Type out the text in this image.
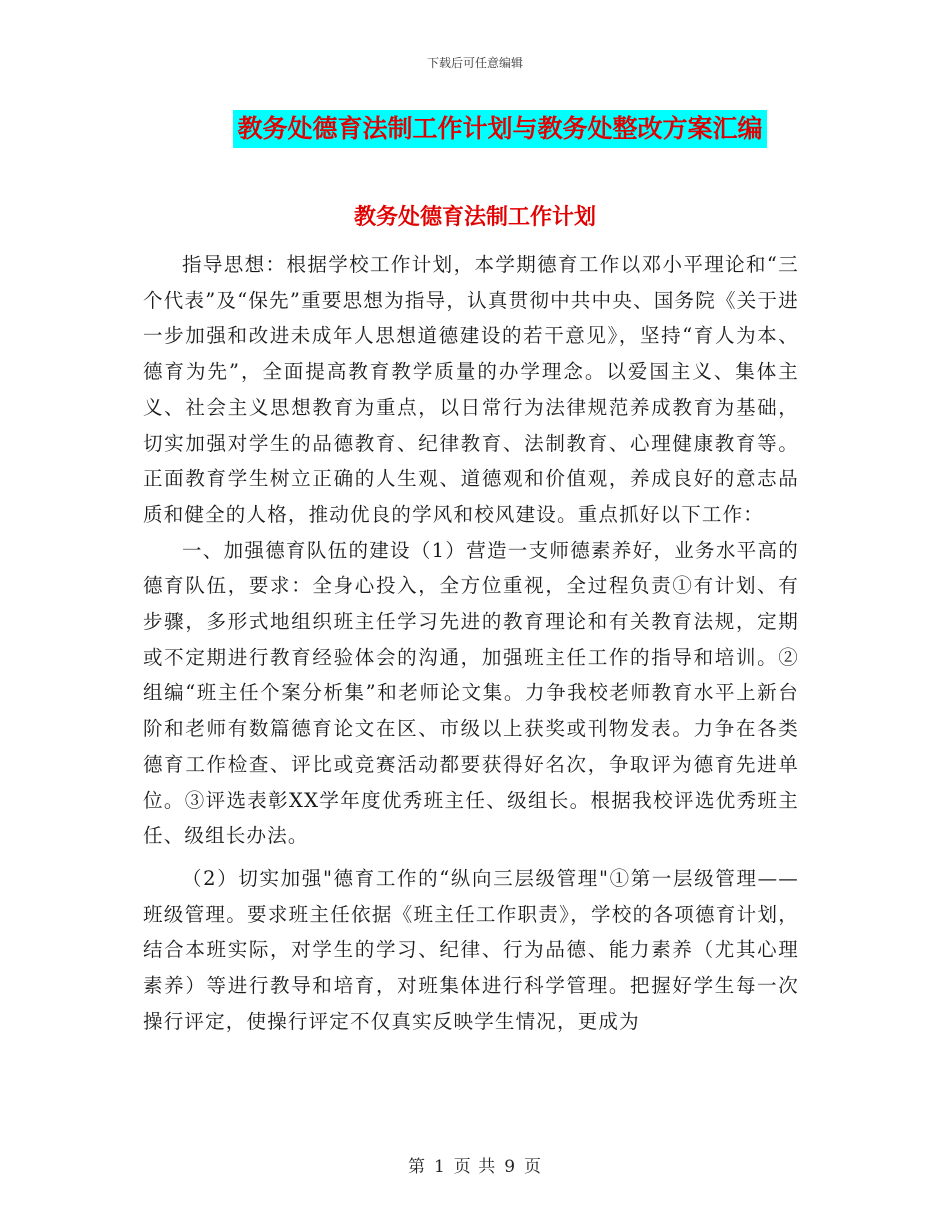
下载后可任意编辑
教务处德育法制工作计划与教务处整改方案汇编
教务处德育法制工作计划

指导思想：根据学校工作计划，本学期德育工作以邓小平理论和“三个代表”及“保先”重要思想为指导，认真贯彻中共中央、国务院《关于进一步加强和改进未成年人思想道德建设的若干意见》，坚持“育人为本、德育为先”，全面提高教育教学质量的办学理念。以爱国主义、集体主义、社会主义思想教育为重点，以日常行为法律规范养成教育为基础，切实加强对学生的品德教育、纪律教育、法制教育、心理健康教育等。正面教育学生树立正确的人生观、道德观和价值观，养成良好的意志品质和健全的人格，推动优良的学风和校风建设。重点抓好以下工作：

一、加强德育队伍的建设（1）营造一支师德素养好，业务水平高的德育队伍，要求：全身心投入，全方位重视，全过程负责①有计划、有步骤，多形式地组织班主任学习先进的教育理论和有关教育法规，定期或不定期进行教育经验体会的沟通，加强班主任工作的指导和培训。②组编“班主任个案分析集”和老师论文集。力争我校老师教育水平上新台阶和老师有数篇德育论文在区、市级以上获奖或刊物发表。力争在各类德育工作检查、评比或竞赛活动都要获得好名次，争取评为德育先进单位。③评选表彰XX学年度优秀班主任、级组长。根据我校评选优秀班主任、级组长办法。

（2）切实加强"德育工作的“纵向三层级管理"①第一层级管理——班级管理。要求班主任依据《班主任工作职责》，学校的各项德育计划，结合本班实际，对学生的学习、纪律、行为品德、能力素养（尤其心理素养）等进行教导和培育，对班集体进行科学管理。把握好学生每一次操行评定，使操行评定不仅真实反映学生情况，更成为

第 1 页 共 9 页
